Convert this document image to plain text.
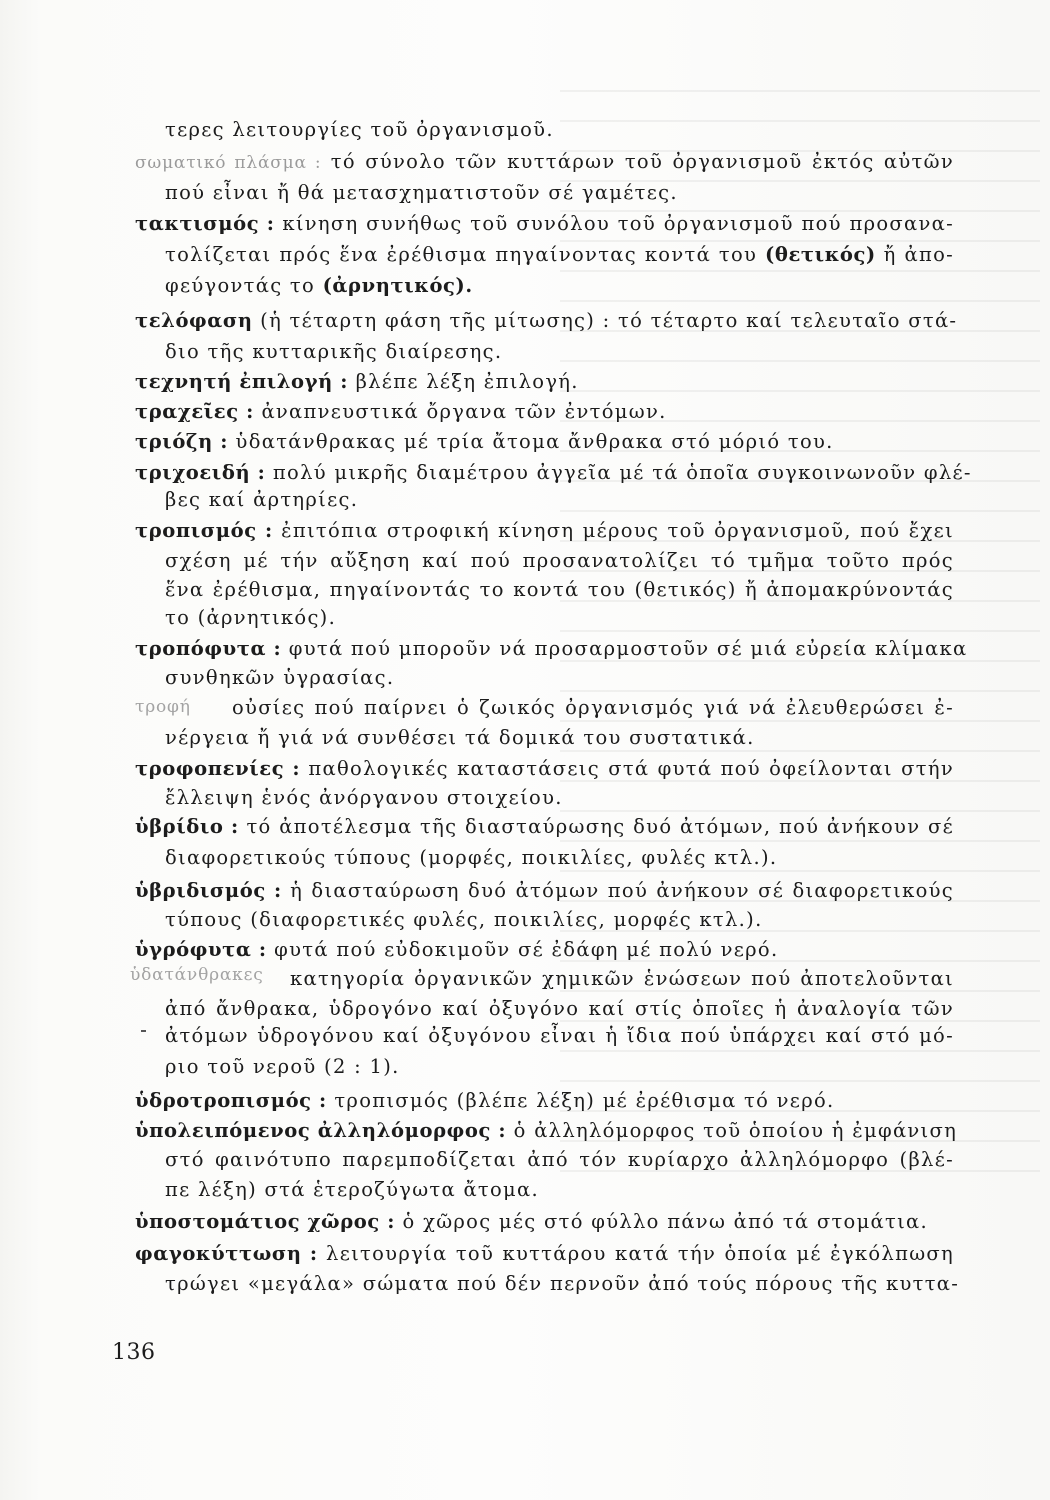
τερες λειτουργίες τοῦ ὀργανισμοῦ.
σωματικό πλάσμα : τό σύνολο τῶν κυττάρων τοῦ ὀργανισμοῦ ἐκτός αὐτῶν
πού εἶναι ἤ θά μετασχηματιστοῦν σέ γαμέτες.
τακτισμός : κίνηση συνήθως τοῦ συνόλου τοῦ ὀργανισμοῦ πού προσανα-
τολίζεται πρός ἕνα ἐρέθισμα πηγαίνοντας κοντά του (θετικός) ἤ ἀπο-
φεύγοντάς το (ἀρνητικός).
τελόφαση (ἡ τέταρτη φάση τῆς μίτωσης) : τό τέταρτο καί τελευταῖο στά-
διο τῆς κυτταρικῆς διαίρεσης.
τεχνητή ἐπιλογή : βλέπε λέξη ἐπιλογή.
τραχεῖες : ἀναπνευστικά ὄργανα τῶν ἐντόμων.
τριόζη : ὑδατάνθρακας μέ τρία ἄτομα ἄνθρακα στό μόριό του.
τριχοειδή : πολύ μικρῆς διαμέτρου ἀγγεῖα μέ τά ὁποῖα συγκοινωνοῦν φλέ-
βες καί ἀρτηρίες.
τροπισμός : ἐπιτόπια στροφική κίνηση μέρους τοῦ ὀργανισμοῦ, πού ἔχει
σχέση μέ τήν αὔξηση καί πού προσανατολίζει τό τμῆμα τοῦτο πρός
ἕνα ἐρέθισμα, πηγαίνοντάς το κοντά του (θετικός) ἤ ἀπομακρύνοντάς
το (ἀρνητικός).
τροπόφυτα : φυτά πού μποροῦν νά προσαρμοστοῦν σέ μιά εὐρεία κλίμακα
συνθηκῶν ὑγρασίας.
τροφή οὐσίες πού παίρνει ὁ ζωικός ὀργανισμός γιά νά ἐλευθερώσει ἐ-
νέργεια ἤ γιά νά συνθέσει τά δομικά του συστατικά.
τροφοπενίες : παθολογικές καταστάσεις στά φυτά πού ὀφείλονται στήν
ἔλλειψη ἑνός ἀνόργανου στοιχείου.
ὑβρίδιο : τό ἀποτέλεσμα τῆς διασταύρωσης δυό ἀτόμων, πού ἀνήκουν σέ
διαφορετικούς τύπους (μορφές, ποικιλίες, φυλές κτλ.).
ὑβριδισμός : ἡ διασταύρωση δυό ἀτόμων πού ἀνήκουν σέ διαφορετικούς
τύπους (διαφορετικές φυλές, ποικιλίες, μορφές κτλ.).
ὑγρόφυτα : φυτά πού εὐδοκιμοῦν σέ ἐδάφη μέ πολύ νερό.
ὑδατάνθρακες κατηγορία ὀργανικῶν χημικῶν ἑνώσεων πού ἀποτελοῦνται
ἀπό ἄνθρακα, ὑδρογόνο καί ὀξυγόνο καί στίς ὁποῖες ἡ ἀναλογία τῶν
ἀτόμων ὑδρογόνου καί ὀξυγόνου εἶναι ἡ ἴδια πού ὑπάρχει καί στό μό-
ριο τοῦ νεροῦ (2 : 1).
ὑδροτροπισμός : τροπισμός (βλέπε λέξη) μέ ἐρέθισμα τό νερό.
ὑπολειπόμενος ἀλληλόμορφος : ὁ ἀλληλόμορφος τοῦ ὁποίου ἡ ἐμφάνιση
στό φαινότυπο παρεμποδίζεται ἀπό τόν κυρίαρχο ἀλληλόμορφο (βλέ-
πε λέξη) στά ἑτεροζύγωτα ἄτομα.
ὑποστομάτιος χῶρος : ὁ χῶρος μές στό φύλλο πάνω ἀπό τά στομάτια.
φαγοκύττωση : λειτουργία τοῦ κυττάρου κατά τήν ὁποία μέ ἐγκόλπωση
τρώγει «μεγάλα» σώματα πού δέν περνοῦν ἀπό τούς πόρους τῆς κυττα-
136
